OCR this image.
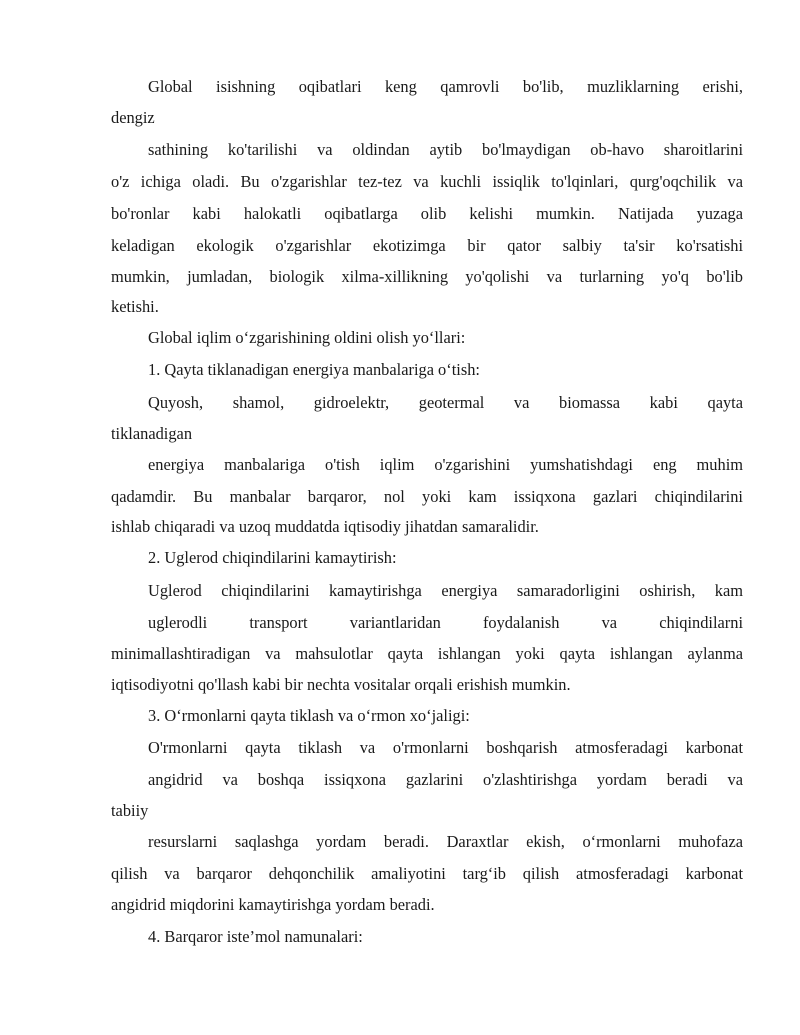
Global isishning oqibatlari keng qamrovli bo'lib, muzliklarning erishi,
dengiz
sathining ko'tarilishi va oldindan aytib bo'lmaydigan ob-havo sharoitlarini
o'z ichiga oladi. Bu o'zgarishlar tez-tez va kuchli issiqlik to'lqinlari, qurg'oqchilik va
bo'ronlar kabi halokatli oqibatlarga olib kelishi mumkin. Natijada yuzaga
keladigan ekologik o'zgarishlar ekotizimga bir qator salbiy ta'sir ko'rsatishi
mumkin, jumladan, biologik xilma-xillikning yo'qolishi va turlarning yo'q bo'lib
ketishi.
Global iqlim o‘zgarishining oldini olish yo‘llari:
1. Qayta tiklanadigan energiya manbalariga o‘tish:
Quyosh, shamol, gidroelektr, geotermal va biomassa kabi qayta
tiklanadigan
energiya manbalariga o'tish iqlim o'zgarishini yumshatishdagi eng muhim
qadamdir. Bu manbalar barqaror, nol yoki kam issiqxona gazlari chiqindilarini
ishlab chiqaradi va uzoq muddatda iqtisodiy jihatdan samaralidir.
2. Uglerod chiqindilarini kamaytirish:
Uglerod chiqindilarini kamaytirishga energiya samaradorligini oshirish, kam
uglerodli transport variantlaridan foydalanish va chiqindilarni
minimallashtiradigan va mahsulotlar qayta ishlangan yoki qayta ishlangan aylanma
iqtisodiyotni qo'llash kabi bir nechta vositalar orqali erishish mumkin.
3. O‘rmonlarni qayta tiklash va o‘rmon xo‘jaligi:
O'rmonlarni qayta tiklash va o'rmonlarni boshqarish atmosferadagi karbonat
angidrid va boshqa issiqxona gazlarini o'zlashtirishga yordam beradi va
tabiiy
resurslarni saqlashga yordam beradi. Daraxtlar ekish, o‘rmonlarni muhofaza
qilish va barqaror dehqonchilik amaliyotini targ‘ib qilish atmosferadagi karbonat
angidrid miqdorini kamaytirishga yordam beradi.
4. Barqaror iste’mol namunalari:
